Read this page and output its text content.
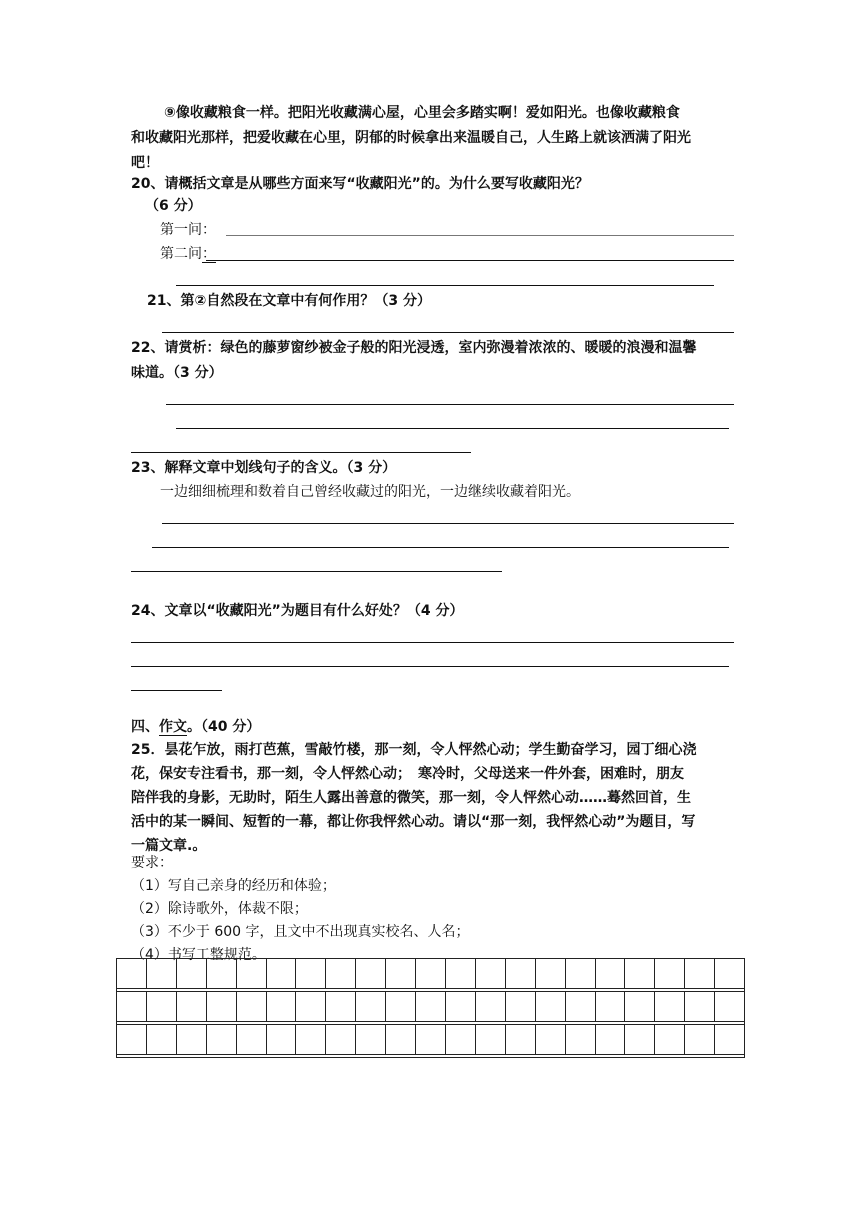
⑨像收藏粮食一样。把阳光收藏满心屋，心里会多踏实啊！爱如阳光。也像收藏粮食
和收藏阳光那样，把爱收藏在心里，阴郁的时候拿出来温暖自己，人生路上就该洒满了阳光
吧！
20、请概括文章是从哪些方面来写“收藏阳光”的。为什么要写收藏阳光？
（6 分）
第一问：
第二问：
21、第②自然段在文章中有何作用？（3 分）
22、请赏析：绿色的藤萝窗纱被金子般的阳光浸透，室内弥漫着浓浓的、暖暖的浪漫和温馨
味道。（3 分）
23、解释文章中划线句子的含义。（3 分）
一边细细梳理和数着自己曾经收藏过的阳光，一边继续收藏着阳光。
24、文章以“收藏阳光”为题目有什么好处？（4 分）
四、作文。（40 分）
25．昙花乍放，雨打芭蕉，雪敲竹楼，那一刻，令人怦然心动；学生勤奋学习，园丁细心浇
花，保安专注看书，那一刻，令人怦然心动；　寒冷时，父母送来一件外套，困难时，朋友
陪伴我的身影，无助时，陌生人露出善意的微笑，那一刻，令人怦然心动……蓦然回首，生
活中的某一瞬间、短暂的一幕，都让你我怦然心动。请以“那一刻，我怦然心动”为题目，写
一篇文章.。
要求：
（1）写自己亲身的经历和体验；
（2）除诗歌外，体裁不限；
（3）不少于 600 字，且文中不出现真实校名、人名；
（4）书写工整规范。
